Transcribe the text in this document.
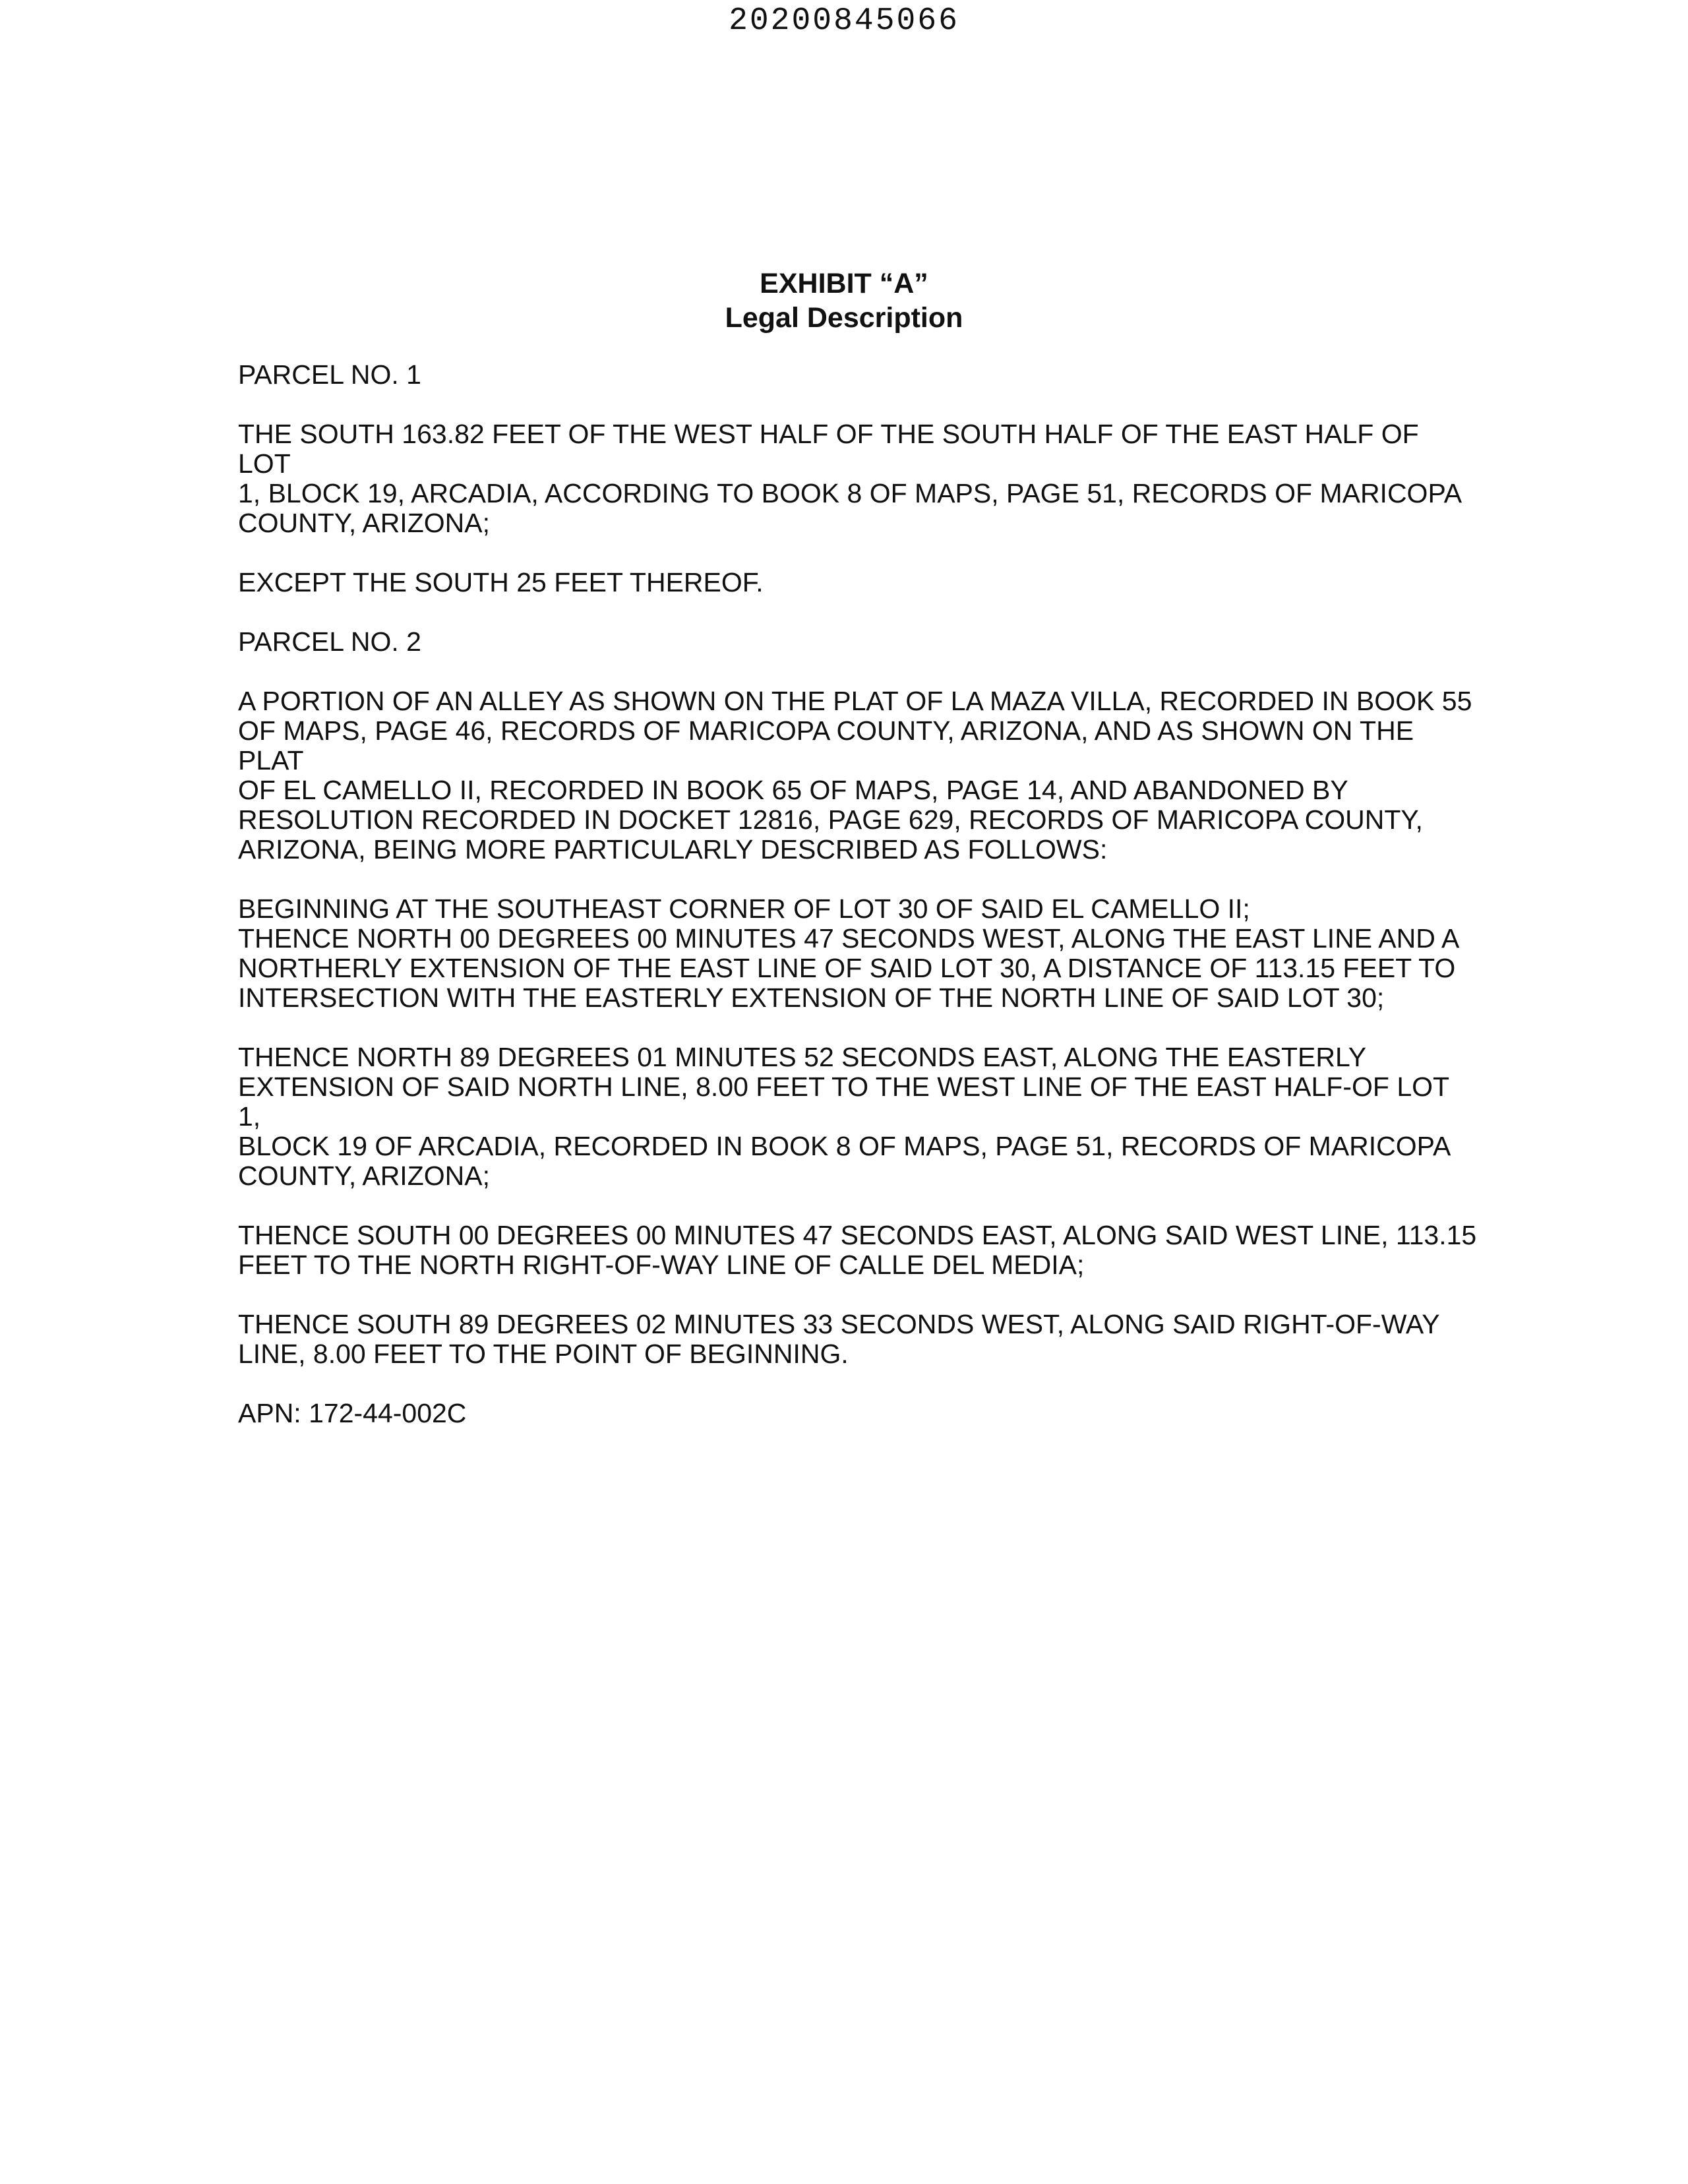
20200845066
EXHIBIT “A”
Legal Description

PARCEL NO. 1

THE SOUTH 163.82 FEET OF THE WEST HALF OF THE SOUTH HALF OF THE EAST HALF OF LOT
1, BLOCK 19, ARCADIA, ACCORDING TO BOOK 8 OF MAPS, PAGE 51, RECORDS OF MARICOPA
COUNTY, ARIZONA;

EXCEPT THE SOUTH 25 FEET THEREOF.

PARCEL NO. 2

A PORTION OF AN ALLEY AS SHOWN ON THE PLAT OF LA MAZA VILLA, RECORDED IN BOOK 55
OF MAPS, PAGE 46, RECORDS OF MARICOPA COUNTY, ARIZONA, AND AS SHOWN ON THE PLAT
OF EL CAMELLO II, RECORDED IN BOOK 65 OF MAPS, PAGE 14, AND ABANDONED BY
RESOLUTION RECORDED IN DOCKET 12816, PAGE 629, RECORDS OF MARICOPA COUNTY,
ARIZONA, BEING MORE PARTICULARLY DESCRIBED AS FOLLOWS:

BEGINNING AT THE SOUTHEAST CORNER OF LOT 30 OF SAID EL CAMELLO II;

THENCE NORTH 00 DEGREES 00 MINUTES 47 SECONDS WEST, ALONG THE EAST LINE AND A
NORTHERLY EXTENSION OF THE EAST LINE OF SAID LOT 30, A DISTANCE OF 113.15 FEET TO
INTERSECTION WITH THE EASTERLY EXTENSION OF THE NORTH LINE OF SAID LOT 30;

THENCE NORTH 89 DEGREES 01 MINUTES 52 SECONDS EAST, ALONG THE EASTERLY
EXTENSION OF SAID NORTH LINE, 8.00 FEET TO THE WEST LINE OF THE EAST HALF-OF LOT 1,
BLOCK 19 OF ARCADIA, RECORDED IN BOOK 8 OF MAPS, PAGE 51, RECORDS OF MARICOPA
COUNTY, ARIZONA;

THENCE SOUTH 00 DEGREES 00 MINUTES 47 SECONDS EAST, ALONG SAID WEST LINE, 113.15
FEET TO THE NORTH RIGHT-OF-WAY LINE OF CALLE DEL MEDIA;

THENCE SOUTH 89 DEGREES 02 MINUTES 33 SECONDS WEST, ALONG SAID RIGHT-OF-WAY
LINE, 8.00 FEET TO THE POINT OF BEGINNING.

APN: 172-44-002C
